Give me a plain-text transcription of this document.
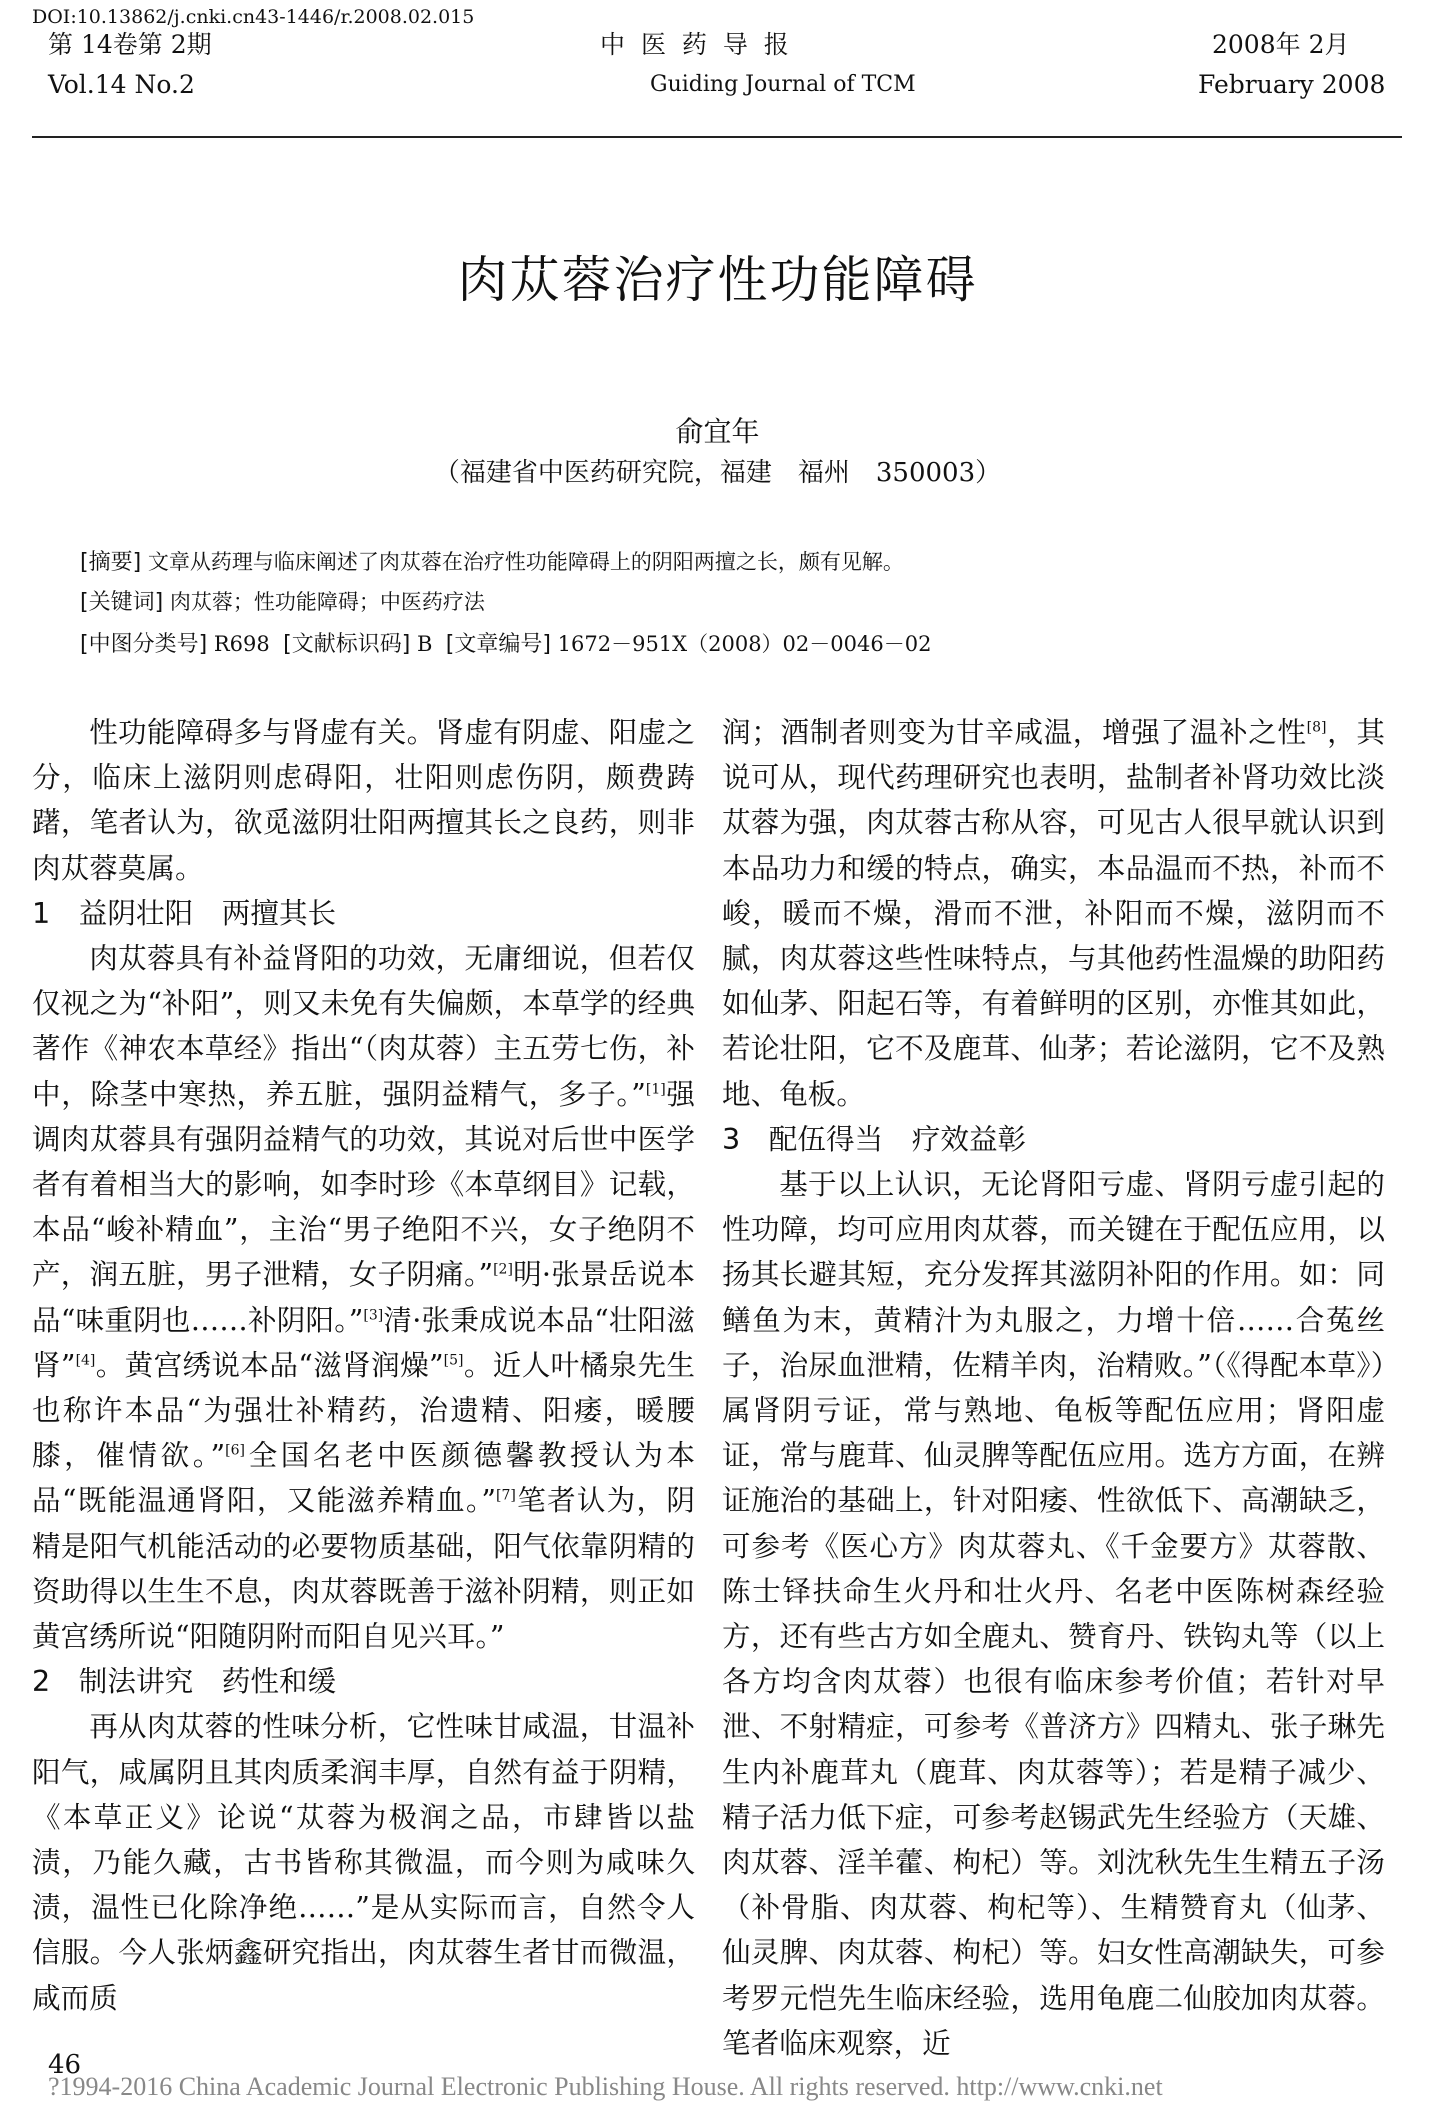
DOI:10.13862/j.cnki.cn43-1446/r.2008.02.015
第 14卷第 2期
Vol.14 No.2
中 医 药 导 报
Guiding Journal of TCM
2008年 2月
February 2008
肉苁蓉治疗性功能障碍
俞宜年
（福建省中医药研究院，福建　福州　350003）
[摘要] 文章从药理与临床阐述了肉苁蓉在治疗性功能障碍上的阴阳两擅之长，颇有见解。
[关键词] 肉苁蓉；性功能障碍；中医药疗法
[中图分类号] R698 [文献标识码] B [文章编号] 1672－951X（2008）02－0046－02

性功能障碍多与肾虚有关。肾虚有阴虚、阳虚之分，临床上滋阴则虑碍阳，壮阳则虑伤阴，颇费踌躇，笔者认为，欲觅滋阴壮阳两擅其长之良药，则非肉苁蓉莫属。

1　益阴壮阳　两擅其长

肉苁蓉具有补益肾阳的功效，无庸细说，但若仅仅视之为“补阳”，则又未免有失偏颇，本草学的经典著作《神农本草经》指出“（肉苁蓉）主五劳七伤，补中，除茎中寒热，养五脏，强阴益精气，多子。”[1]强调肉苁蓉具有强阴益精气的功效，其说对后世中医学者有着相当大的影响，如李时珍《本草纲目》记载，本品“峻补精血”，主治“男子绝阳不兴，女子绝阴不产，润五脏，男子泄精，女子阴痛。”[2]明·张景岳说本品“味重阴也……补阴阳。”[3]清·张秉成说本品“壮阳滋肾”[4]。黄宫绣说本品“滋肾润燥”[5]。近人叶橘泉先生也称许本品“为强壮补精药，治遗精、阳痿，暖腰膝，催情欲。”[6]全国名老中医颜德馨教授认为本品“既能温通肾阳，又能滋养精血。”[7]笔者认为，阴精是阳气机能活动的必要物质基础，阳气依靠阴精的资助得以生生不息，肉苁蓉既善于滋补阴精，则正如黄宫绣所说“阳随阴附而阳自见兴耳。”

2　制法讲究　药性和缓

再从肉苁蓉的性味分析，它性味甘咸温，甘温补阳气，咸属阴且其肉质柔润丰厚，自然有益于阴精，《本草正义》论说“苁蓉为极润之品，市肆皆以盐渍，乃能久藏，古书皆称其微温，而今则为咸味久渍，温性已化除净绝……”是从实际而言，自然令人信服。今人张炳鑫研究指出，肉苁蓉生者甘而微温，咸而质

润；酒制者则变为甘辛咸温，增强了温补之性[8]，其说可从，现代药理研究也表明，盐制者补肾功效比淡苁蓉为强，肉苁蓉古称从容，可见古人很早就认识到本品功力和缓的特点，确实，本品温而不热，补而不峻，暖而不燥，滑而不泄，补阳而不燥，滋阴而不腻，肉苁蓉这些性味特点，与其他药性温燥的助阳药如仙茅、阳起石等，有着鲜明的区别，亦惟其如此，若论壮阳，它不及鹿茸、仙茅；若论滋阴，它不及熟地、龟板。

3　配伍得当　疗效益彰

基于以上认识，无论肾阳亏虚、肾阴亏虚引起的性功障，均可应用肉苁蓉，而关键在于配伍应用，以扬其长避其短，充分发挥其滋阴补阳的作用。如：同鳝鱼为末，黄精汁为丸服之，力增十倍……合菟丝子，治尿血泄精，佐精羊肉，治精败。”（《得配本草》）属肾阴亏证，常与熟地、龟板等配伍应用；肾阳虚证，常与鹿茸、仙灵脾等配伍应用。选方方面，在辨证施治的基础上，针对阳痿、性欲低下、高潮缺乏，可参考《医心方》肉苁蓉丸、《千金要方》苁蓉散、陈士铎扶命生火丹和壮火丹、名老中医陈树森经验方，还有些古方如全鹿丸、赞育丹、铁钩丸等（以上各方均含肉苁蓉）也很有临床参考价值；若针对早泄、不射精症，可参考《普济方》四精丸、张子琳先生内补鹿茸丸（鹿茸、肉苁蓉等）；若是精子减少、精子活力低下症，可参考赵锡武先生经验方（天雄、肉苁蓉、淫羊藿、枸杞）等。刘沈秋先生生精五子汤（补骨脂、肉苁蓉、枸杞等）、生精赞育丸（仙茅、仙灵脾、肉苁蓉、枸杞）等。妇女性高潮缺失，可参考罗元恺先生临床经验，选用龟鹿二仙胶加肉苁蓉。笔者临床观察，近

46
?1994-2016 China Academic Journal Electronic Publishing House. All rights reserved. http://www.cnki.net
